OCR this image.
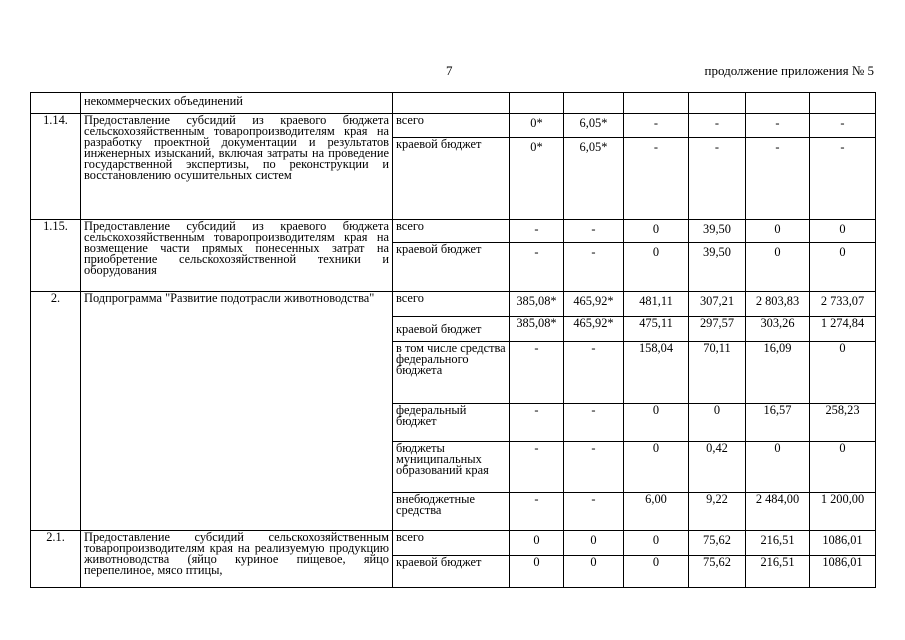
7	продолжение приложения № 5
	некоммерческих объединений							
1.14.	Предоставление субсидий из краевого бюджета сельскохозяйственным товаропроизводителям края на разработку проектной документации и результатов инженерных изысканий, включая затраты на проведение государственной экспертизы, по реконструкции и восстановлению осушительных систем	всего	0*	6,05*	-	-	-	-
		краевой бюджет	0*	6,05*	-	-	-	-
1.15.	Предоставление субсидий из краевого бюджета сельскохозяйственным товаропроизводителям края на возмещение части прямых понесенных затрат на приобретение сельскохозяйственной техники и оборудования	всего	-	-	0	39,50	0	0
		краевой бюджет	-	-	0	39,50	0	0
2.	Подпрограмма "Развитие подотрасли животноводства"	всего	385,08*	465,92*	481,11	307,21	2 803,83	2 733,07
		краевой бюджет	385,08*	465,92*	475,11	297,57	303,26	1 274,84
		в том числе средства федерального бюджета	-	-	158,04	70,11	16,09	0
		федеральный бюджет	-	-	0	0	16,57	258,23
		бюджеты муниципальных образований края	-	-	0	0,42	0	0
		внебюджетные средства	-	-	6,00	9,22	2 484,00	1 200,00
2.1.	Предоставление субсидий сельскохозяйственным товаропроизводителям края на реализуемую продукцию животноводства (яйцо куриное пищевое, яйцо перепелиное, мясо птицы,	всего	0	0	0	75,62	216,51	1086,01
		краевой бюджет	0	0	0	75,62	216,51	1086,01
